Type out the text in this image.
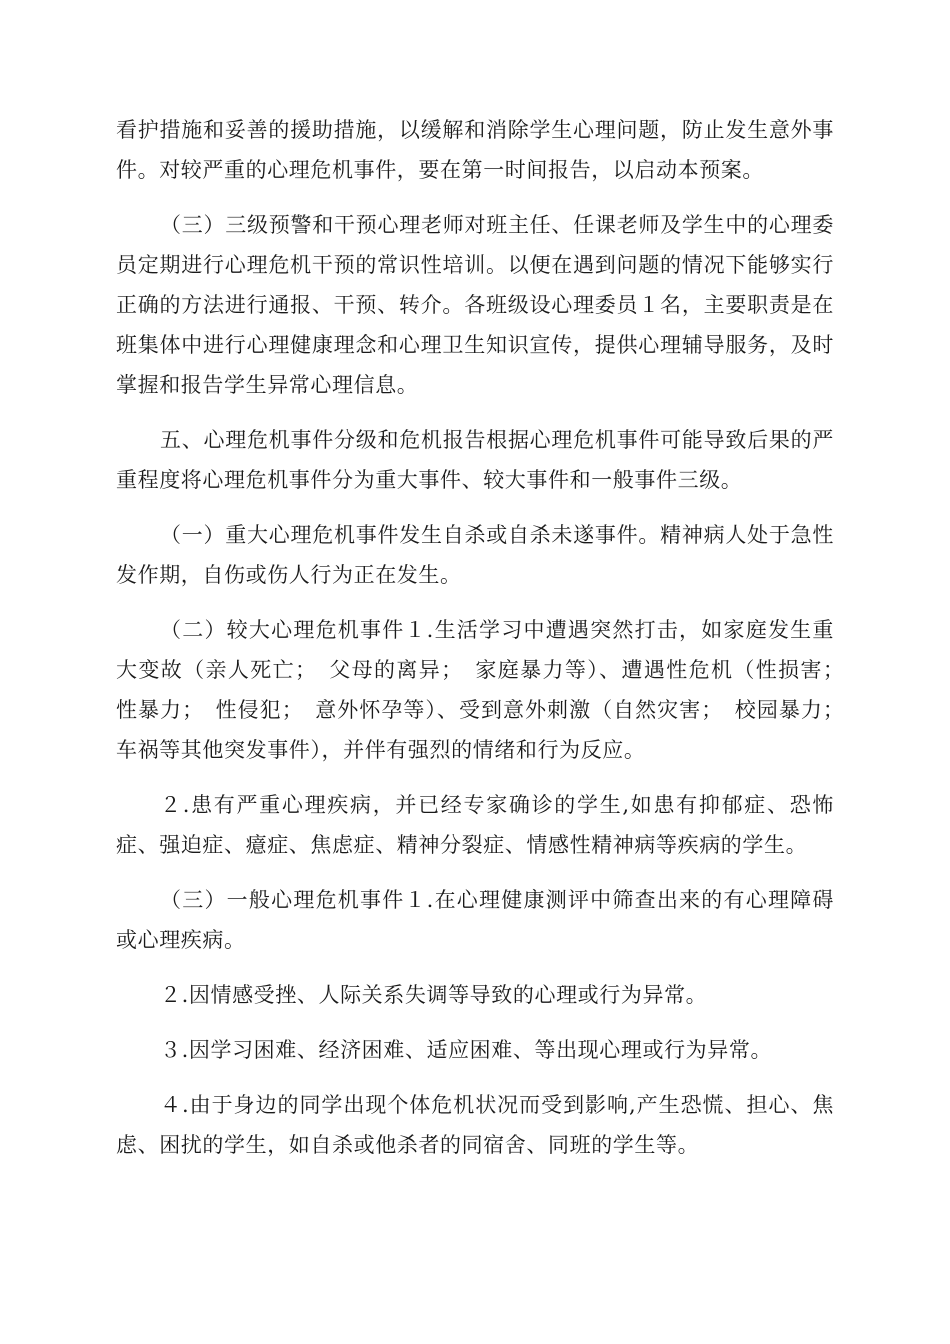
看护措施和妥善的援助措施，以缓解和消除学生心理问题，防止发生意外事件。对较严重的心理危机事件，要在第一时间报告，以启动本预案。

（三）三级预警和干预心理老师对班主任、任课老师及学生中的心理委员定期进行心理危机干预的常识性培训。以便在遇到问题的情况下能够实行正确的方法进行通报、干预、转介。各班级设心理委员１名，主要职责是在班集体中进行心理健康理念和心理卫生知识宣传，提供心理辅导服务，及时掌握和报告学生异常心理信息。

五、心理危机事件分级和危机报告根据心理危机事件可能导致后果的严重程度将心理危机事件分为重大事件、较大事件和一般事件三级。

（一）重大心理危机事件发生自杀或自杀未遂事件。精神病人处于急性发作期，自伤或伤人行为正在发生。

（二）较大心理危机事件１.生活学习中遭遇突然打击，如家庭发生重大变故（亲人死亡；　父母的离异；　家庭暴力等）、遭遇性危机（性损害；　性暴力；　性侵犯；　意外怀孕等）、受到意外刺激（自然灾害；　校园暴力；　车祸等其他突发事件），并伴有强烈的情绪和行为反应。

２.患有严重心理疾病，并已经专家确诊的学生,如患有抑郁症、恐怖症、强迫症、癔症、焦虑症、精神分裂症、情感性精神病等疾病的学生。

（三）一般心理危机事件１.在心理健康测评中筛查出来的有心理障碍或心理疾病。

２.因情感受挫、人际关系失调等导致的心理或行为异常。

３.因学习困难、经济困难、适应困难、等出现心理或行为异常。

４.由于身边的同学出现个体危机状况而受到影响,产生恐慌、担心、焦虑、困扰的学生，如自杀或他杀者的同宿舍、同班的学生等。
